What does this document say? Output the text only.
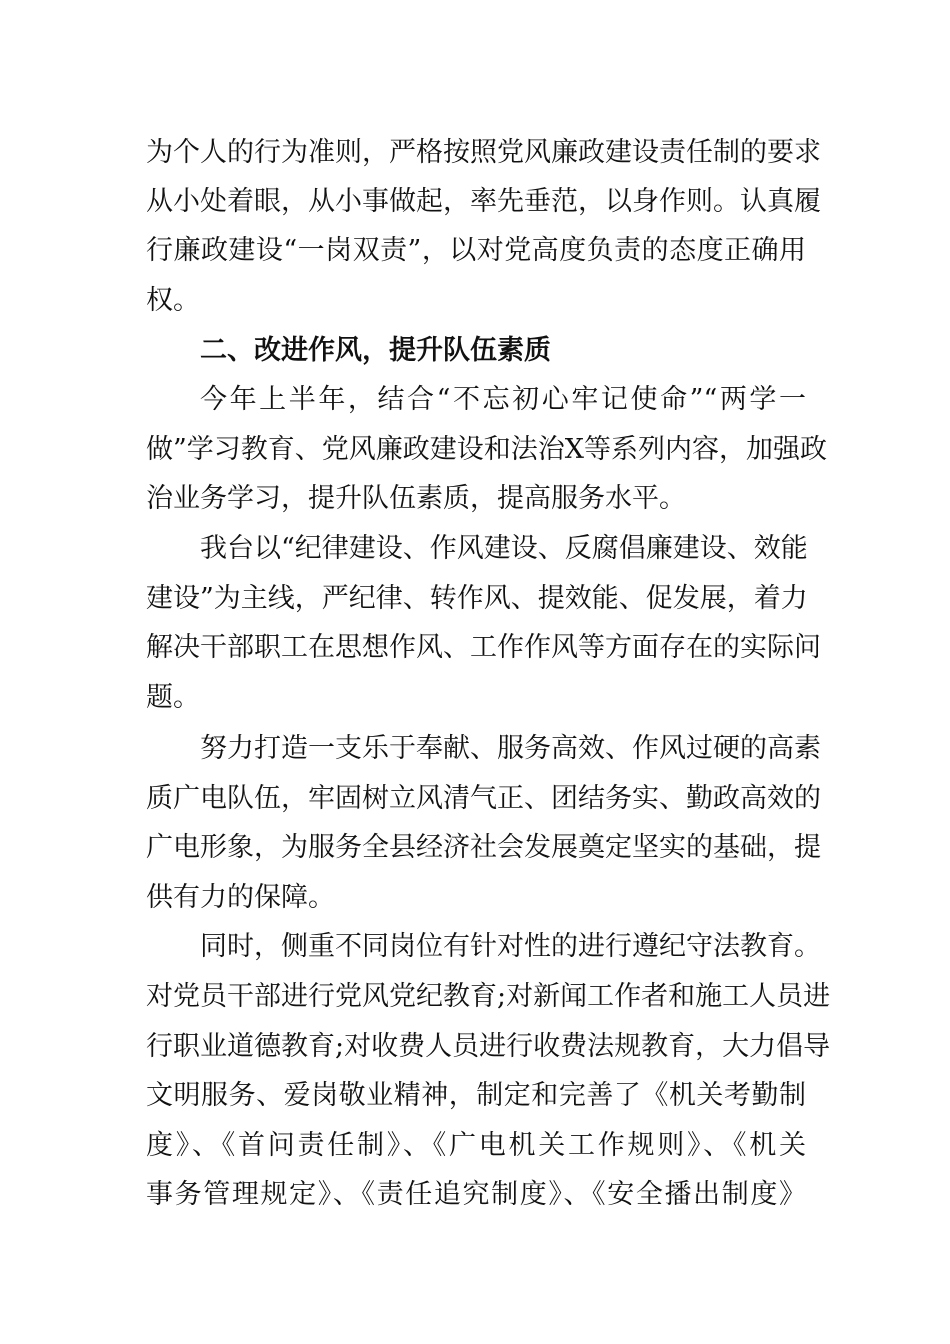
为个人的行为准则，严格按照党风廉政建设责任制的要求
从小处着眼，从小事做起，率先垂范，以身作则。认真履
行廉政建设“一岗双责”，以对党高度负责的态度正确用
权。
二、改进作风，提升队伍素质
今年上半年，结合“不忘初心牢记使命”“两学一
做”学习教育、党风廉政建设和法治X等系列内容，加强政
治业务学习，提升队伍素质，提高服务水平。
我台以“纪律建设、作风建设、反腐倡廉建设、效能
建设”为主线，严纪律、转作风、提效能、促发展，着力
解决干部职工在思想作风、工作作风等方面存在的实际问
题。
努力打造一支乐于奉献、服务高效、作风过硬的高素
质广电队伍，牢固树立风清气正、团结务实、勤政高效的
广电形象，为服务全县经济社会发展奠定坚实的基础，提
供有力的保障。
同时，侧重不同岗位有针对性的进行遵纪守法教育。
对党员干部进行党风党纪教育;对新闻工作者和施工人员进
行职业道德教育;对收费人员进行收费法规教育，大力倡导
文明服务、爱岗敬业精神，制定和完善了《机关考勤制
度》、《首问责任制》、《广电机关工作规则》、《机关
事务管理规定》、《责任追究制度》、《安全播出制度》
